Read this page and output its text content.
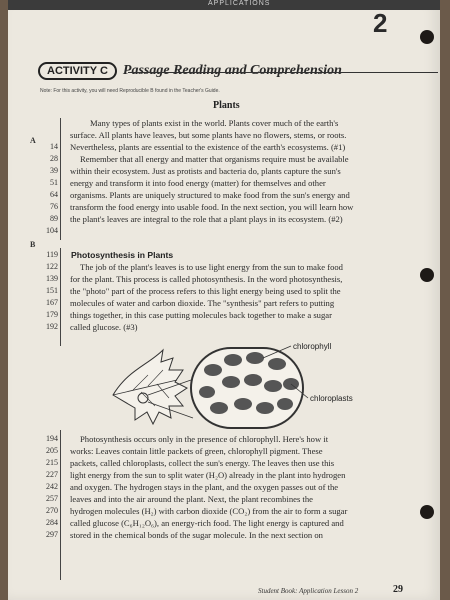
APPLICATIONS
2
ACTIVITY C	Passage Reading and Comprehension
Note: For this activity, you will need Reproducible B found in the Teacher's Guide.
Plants
A
B
14
28
39
51
64
76
89
104
Many types of plants exist in the world. Plants cover much of the earth's
surface. All plants have leaves, but some plants have no flowers, stems, or roots.
Nevertheless, plants are essential to the existence of the earth's ecosystems. (#1)
Remember that all energy and matter that organisms require must be available
within their ecosystem. Just as protists and bacteria do, plants capture the sun's
energy and transform it into food energy (matter) for themselves and other
organisms. Plants are uniquely structured to make food from the sun's energy and
transform the food energy into usable food. In the next section, you will learn how
the plant's leaves are integral to the role that a plant plays in its ecosystem. (#2)
Photosynthesis in Plants
119
122
139
151
167
179
192
The job of the plant's leaves is to use light energy from the sun to make food
for the plant. This process is called photosynthesis. In the word photosynthesis,
the "photo" part of the process refers to this light energy being used to split the
molecules of water and carbon dioxide. The "synthesis" part refers to putting
things together, in this case putting molecules back together to make a sugar
called glucose. (#3)
chlorophyll
chloroplasts
194
205
215
227
242
257
270
284
297
Photosynthesis occurs only in the presence of chlorophyll. Here's how it
works: Leaves contain little packets of green, chlorophyll pigment. These
packets, called chloroplasts, collect the sun's energy. The leaves then use this
light energy from the sun to split water (H₂O) already in the plant into hydrogen
and oxygen. The hydrogen stays in the plant, and the oxygen passes out of the
leaves and into the air around the plant. Next, the plant recombines the
hydrogen molecules (H₂) with carbon dioxide (CO₂) from the air to form a sugar
called glucose (C₆H₁₂O₆), an energy-rich food. The light energy is captured and
stored in the chemical bonds of the sugar molecule. In the next section on
Student Book: Application Lesson 2	29
